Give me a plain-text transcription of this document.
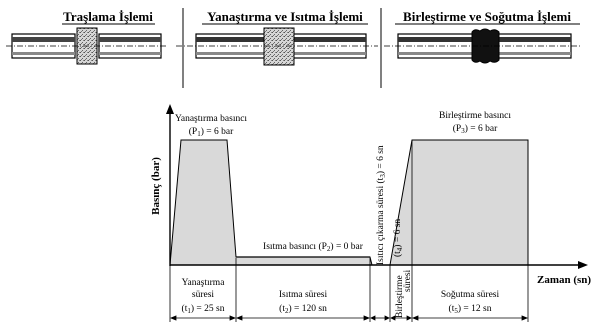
Traşlama İşlemi	Yanaştırma ve Isıtma İşlemi	Birleştirme ve Soğutma İşlemi
Basınç (bar)
Zaman (sn)
Yanaştırma basıncı
$(P_1) = 6$ bar
Isıtma basıncı $(P_2) = 0$ bar
Birleştirme basıncı
$(P_3) = 6$ bar
Isıtıcı çıkarma süresi $(t_3) = 6$ sn
$(t_4) = 6$ sn
Birleştirme
süresi
Yanaştırma
süresi
$(t_1) = 25$ sn
Isıtma süresi
$(t_2) = 120$ sn
Soğutma süresi
$(t_5) = 12$ sn
